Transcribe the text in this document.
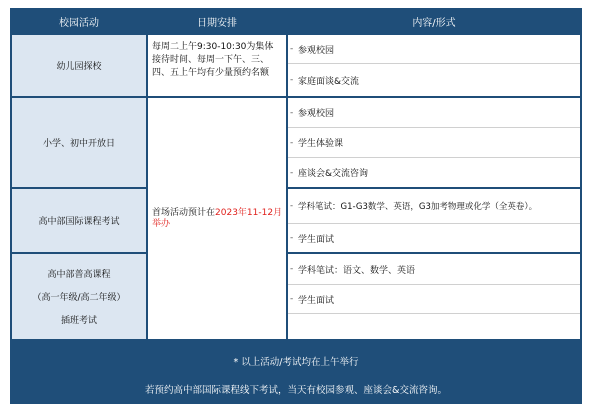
校园活动	日期安排	内容/形式
幼儿园探校
每周二上午9:30-10:30为集体接待时间、每周一下午、三、四、五上午均有少量预约名额
- 参观校园
- 家庭面谈&交流
小学、初中开放日
首场活动预计在2023年11-12月举办
- 参观校园
- 学生体验课
- 座谈会&交流咨询
高中部国际课程考试
- 学科笔试：G1-G3数学、英语，G3加考物理或化学（全英卷）。
- 学生面试
高中部普高课程
（高一年级/高二年级）
插班考试
- 学科笔试：语文、数学、英语
- 学生面试
* 以上活动/考试均在上午举行
若预约高中部国际课程线下考试，当天有校园参观、座谈会&交流咨询。
